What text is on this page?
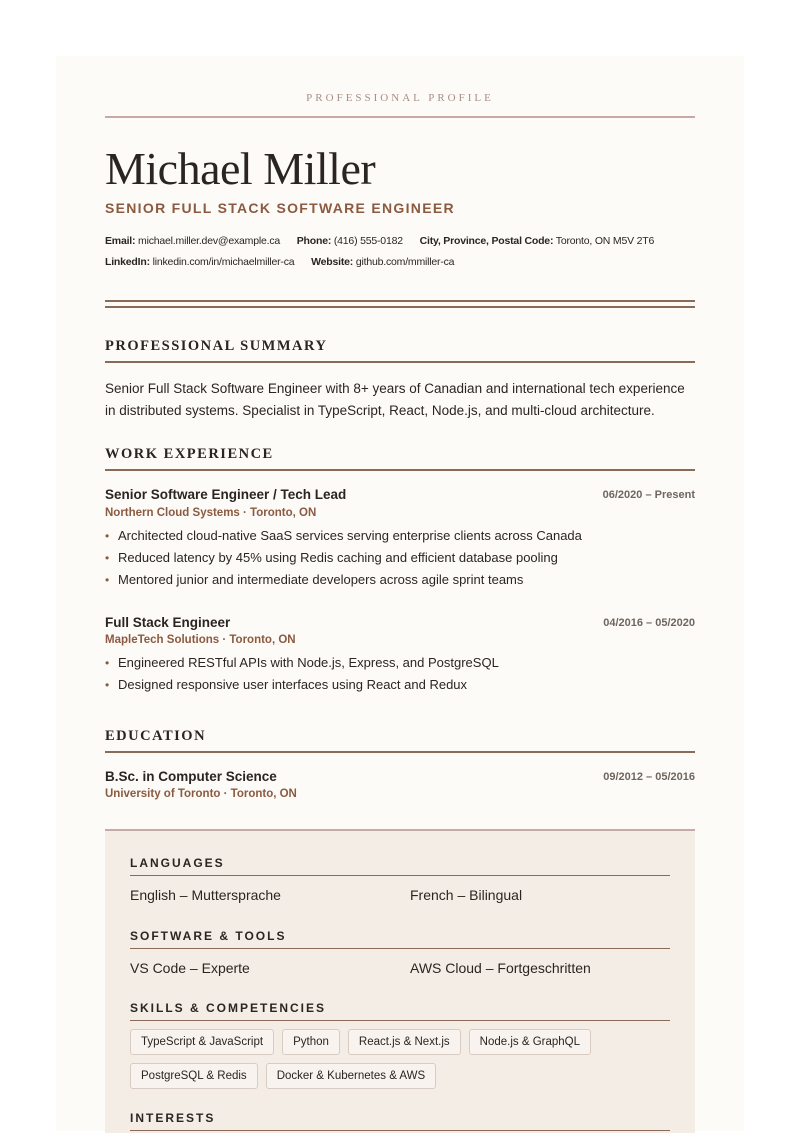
PROFESSIONAL PROFILE
Michael Miller
SENIOR FULL STACK SOFTWARE ENGINEER
Email: michael.miller.dev@example.ca Phone: (416) 555-0182 City, Province, Postal Code: Toronto, ON M5V 2T6
LinkedIn: linkedin.com/in/michaelmiller-ca Website: github.com/mmiller-ca
PROFESSIONAL SUMMARY
Senior Full Stack Software Engineer with 8+ years of Canadian and international tech experience in distributed systems. Specialist in TypeScript, React, Node.js, and multi-cloud architecture.
WORK EXPERIENCE
Senior Software Engineer / Tech Lead	06/2020 – Present
Northern Cloud Systems · Toronto, ON
• Architected cloud-native SaaS services serving enterprise clients across Canada
• Reduced latency by 45% using Redis caching and efficient database pooling
• Mentored junior and intermediate developers across agile sprint teams
Full Stack Engineer	04/2016 – 05/2020
MapleTech Solutions · Toronto, ON
• Engineered RESTful APIs with Node.js, Express, and PostgreSQL
• Designed responsive user interfaces using React and Redux
EDUCATION
B.Sc. in Computer Science	09/2012 – 05/2016
University of Toronto · Toronto, ON
LANGUAGES
English – Muttersprache	French – Bilingual
SOFTWARE & TOOLS
VS Code – Experte	AWS Cloud – Fortgeschritten
SKILLS & COMPETENCIES
TypeScript & JavaScript	Python	React.js & Next.js	Node.js & GraphQL
PostgreSQL & Redis	Docker & Kubernetes & AWS
INTERESTS
